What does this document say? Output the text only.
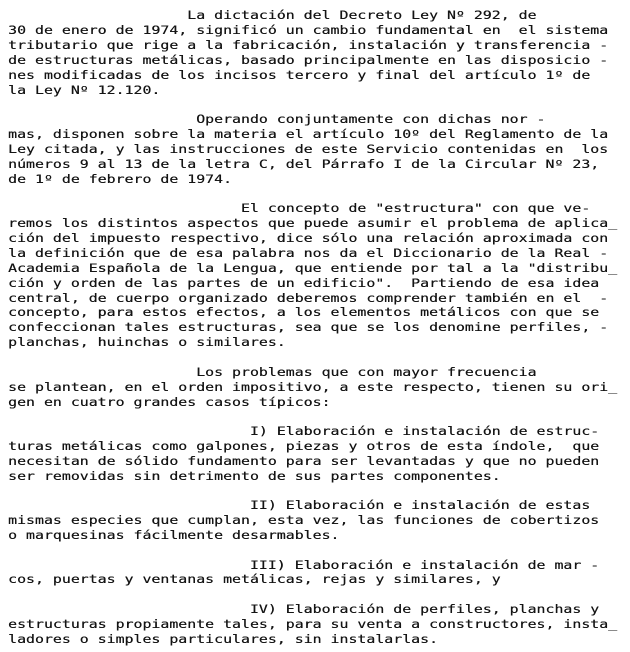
La dictación del Decreto Ley Nº 292, de
30 de enero de 1974, significó un cambio fundamental en  el sistema
tributario que rige a la fabricación, instalación y transferencia -
de estructuras metálicas, basado principalmente en las disposicio -
nes modificadas de los incisos tercero y final del artículo 1º de
la Ley Nº 12.120.
Operando conjuntamente con dichas nor -
mas, disponen sobre la materia el artículo 10º del Reglamento de la
Ley citada, y las instrucciones de este Servicio contenidas en  los
números 9 al 13 de la letra C, del Párrafo I de la Circular Nº 23,
de 1º de febrero de 1974.
El concepto de "estructura" con que ve-
remos los distintos aspectos que puede asumir el problema de aplica_
ción del impuesto respectivo, dice sólo una relación aproximada con
la definición que de esa palabra nos da el Diccionario de la Real -
Academia Española de la Lengua, que entiende por tal a la "distribu_
ción y orden de las partes de un edificio".  Partiendo de esa idea
central, de cuerpo organizado deberemos comprender también en el  -
concepto, para estos efectos, a los elementos metálicos con que se
confeccionan tales estructuras, sea que se los denomine perfiles, -
planchas, huinchas o similares.
Los problemas que con mayor frecuencia
se plantean, en el orden impositivo, a este respecto, tienen su ori_
gen en cuatro grandes casos típicos:
I) Elaboración e instalación de estruc-
turas metálicas como galpones, piezas y otros de esta índole,  que
necesitan de sólido fundamento para ser levantadas y que no pueden
ser removidas sin detrimento de sus partes componentes.
II) Elaboración e instalación de estas
mismas especies que cumplan, esta vez, las funciones de cobertizos
o marquesinas fácilmente desarmables.
III) Elaboración e instalación de mar -
cos, puertas y ventanas metálicas, rejas y similares, y
IV) Elaboración de perfiles, planchas y
estructuras propiamente tales, para su venta a constructores, insta_
ladores o simples particulares, sin instalarlas.
